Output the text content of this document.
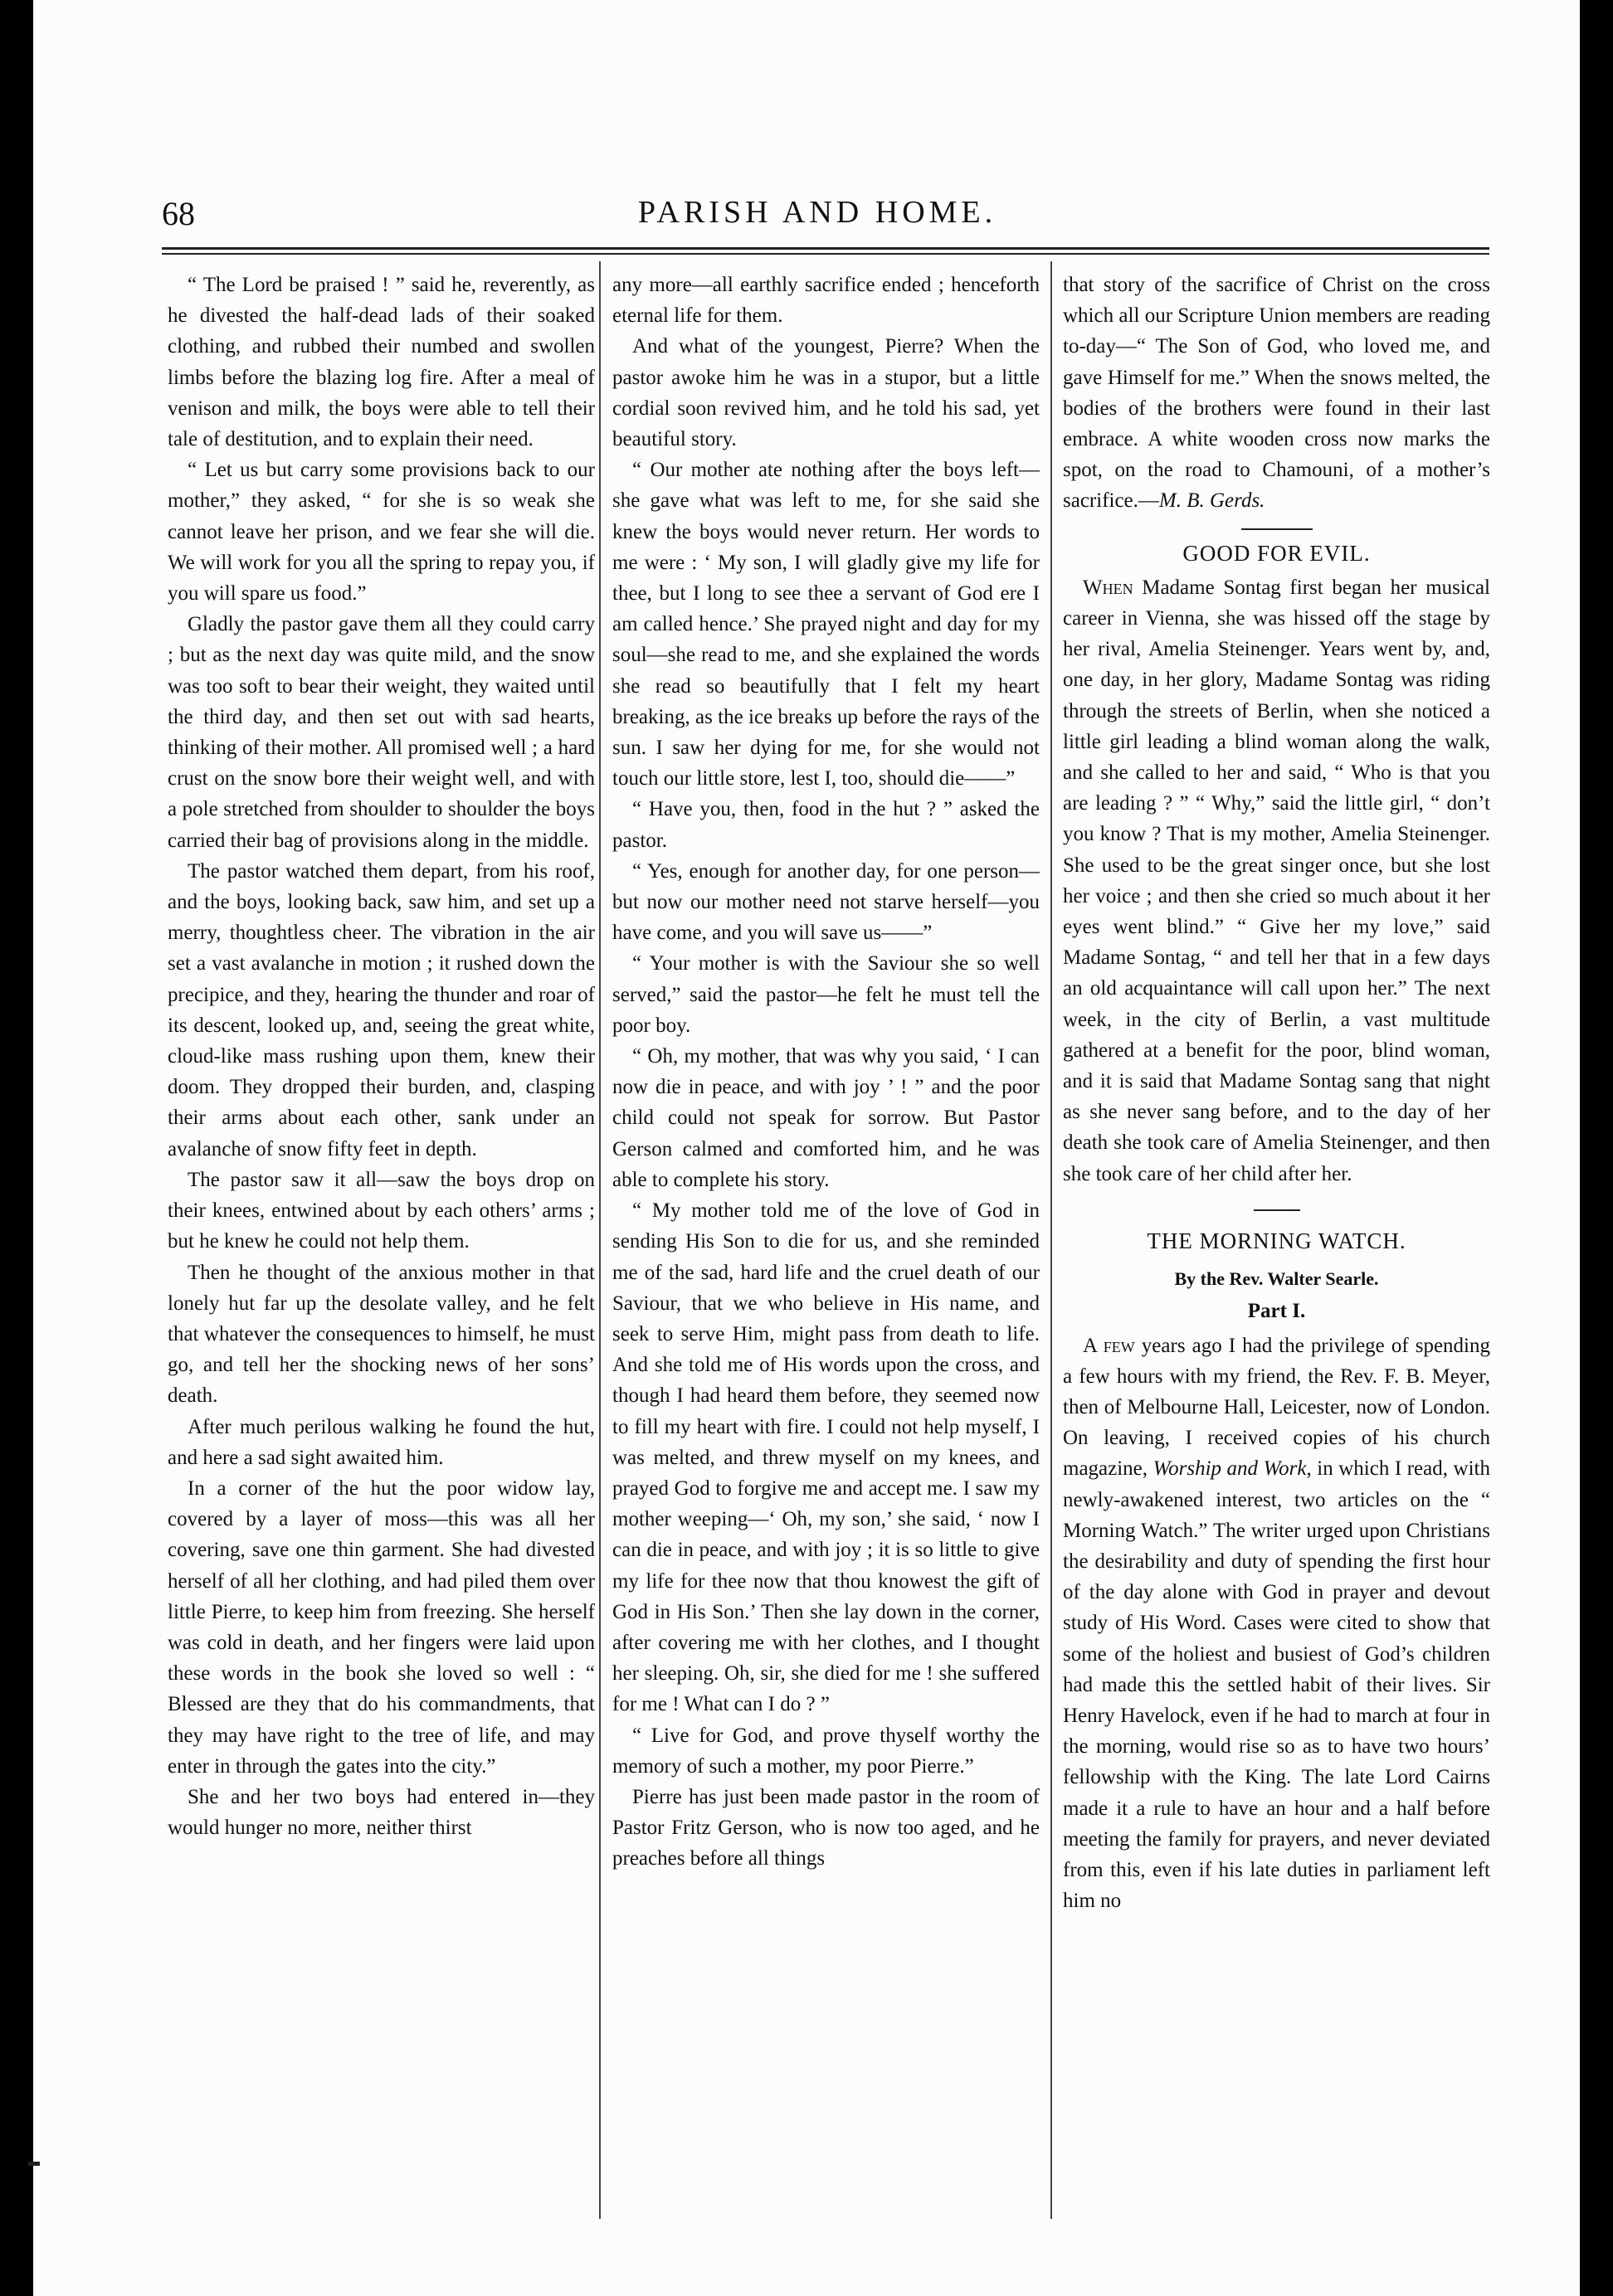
68	PARISH AND HOME.

“ The Lord be praised ! ” said he, reverently, as he divested the half-dead lads of their soaked clothing, and rubbed their numbed and swollen limbs before the blazing log fire. After a meal of venison and milk, the boys were able to tell their tale of destitution, and to explain their need.

“ Let us but carry some provisions back to our mother,” they asked, “ for she is so weak she cannot leave her prison, and we fear she will die. We will work for you all the spring to repay you, if you will spare us food.”

Gladly the pastor gave them all they could carry ; but as the next day was quite mild, and the snow was too soft to bear their weight, they waited until the third day, and then set out with sad hearts, thinking of their mother. All promised well ; a hard crust on the snow bore their weight well, and with a pole stretched from shoulder to shoulder the boys carried their bag of provisions along in the middle.

The pastor watched them depart, from his roof, and the boys, looking back, saw him, and set up a merry, thoughtless cheer. The vibration in the air set a vast avalanche in motion ; it rushed down the precipice, and they, hearing the thunder and roar of its descent, looked up, and, seeing the great white, cloud-like mass rushing upon them, knew their doom. They dropped their burden, and, clasping their arms about each other, sank under an avalanche of snow fifty feet in depth.

The pastor saw it all—saw the boys drop on their knees, entwined about by each others’ arms ; but he knew he could not help them.

Then he thought of the anxious mother in that lonely hut far up the desolate valley, and he felt that whatever the consequences to himself, he must go, and tell her the shocking news of her sons’ death.

After much perilous walking he found the hut, and here a sad sight awaited him.

In a corner of the hut the poor widow lay, covered by a layer of moss—this was all her covering, save one thin garment. She had divested herself of all her clothing, and had piled them over little Pierre, to keep him from freezing. She herself was cold in death, and her fingers were laid upon these words in the book she loved so well : “ Blessed are they that do his commandments, that they may have right to the tree of life, and may enter in through the gates into the city.”

She and her two boys had entered in—they would hunger no more, neither thirst

any more—all earthly sacrifice ended ; henceforth eternal life for them.

And what of the youngest, Pierre? When the pastor awoke him he was in a stupor, but a little cordial soon revived him, and he told his sad, yet beautiful story.

“ Our mother ate nothing after the boys left—she gave what was left to me, for she said she knew the boys would never return. Her words to me were : ‘ My son, I will gladly give my life for thee, but I long to see thee a servant of God ere I am called hence.’ She prayed night and day for my soul—she read to me, and she explained the words she read so beautifully that I felt my heart breaking, as the ice breaks up before the rays of the sun. I saw her dying for me, for she would not touch our little store, lest I, too, should die——”

“ Have you, then, food in the hut ? ” asked the pastor.

“ Yes, enough for another day, for one person—but now our mother need not starve herself—you have come, and you will save us——”

“ Your mother is with the Saviour she so well served,” said the pastor—he felt he must tell the poor boy.

“ Oh, my mother, that was why you said, ‘ I can now die in peace, and with joy ’ ! ” and the poor child could not speak for sorrow. But Pastor Gerson calmed and comforted him, and he was able to complete his story.

“ My mother told me of the love of God in sending His Son to die for us, and she reminded me of the sad, hard life and the cruel death of our Saviour, that we who believe in His name, and seek to serve Him, might pass from death to life. And she told me of His words upon the cross, and though I had heard them before, they seemed now to fill my heart with fire. I could not help myself, I was melted, and threw myself on my knees, and prayed God to forgive me and accept me. I saw my mother weeping—‘ Oh, my son,’ she said, ‘ now I can die in peace, and with joy ; it is so little to give my life for thee now that thou knowest the gift of God in His Son.’ Then she lay down in the corner, after covering me with her clothes, and I thought her sleeping. Oh, sir, she died for me ! she suffered for me ! What can I do ? ”

“ Live for God, and prove thyself worthy the memory of such a mother, my poor Pierre.”

Pierre has just been made pastor in the room of Pastor Fritz Gerson, who is now too aged, and he preaches before all things

that story of the sacrifice of Christ on the cross which all our Scripture Union members are reading to-day—“ The Son of God, who loved me, and gave Himself for me.” When the snows melted, the bodies of the brothers were found in their last embrace. A white wooden cross now marks the spot, on the road to Chamouni, of a mother’s sacrifice.—M. B. Gerds.

GOOD FOR EVIL.

When Madame Sontag first began her musical career in Vienna, she was hissed off the stage by her rival, Amelia Steinenger. Years went by, and, one day, in her glory, Madame Sontag was riding through the streets of Berlin, when she noticed a little girl leading a blind woman along the walk, and she called to her and said, “ Who is that you are leading ? ” “ Why,” said the little girl, “ don’t you know ? That is my mother, Amelia Steinenger. She used to be the great singer once, but she lost her voice ; and then she cried so much about it her eyes went blind.” “ Give her my love,” said Madame Sontag, “ and tell her that in a few days an old acquaintance will call upon her.” The next week, in the city of Berlin, a vast multitude gathered at a benefit for the poor, blind woman, and it is said that Madame Sontag sang that night as she never sang before, and to the day of her death she took care of Amelia Steinenger, and then she took care of her child after her.

THE MORNING WATCH.
By the Rev. Walter Searle.
Part I.

A few years ago I had the privilege of spending a few hours with my friend, the Rev. F. B. Meyer, then of Melbourne Hall, Leicester, now of London. On leaving, I received copies of his church magazine, Worship and Work, in which I read, with newly-awakened interest, two articles on the “ Morning Watch.” The writer urged upon Christians the desirability and duty of spending the first hour of the day alone with God in prayer and devout study of His Word. Cases were cited to show that some of the holiest and busiest of God’s children had made this the settled habit of their lives. Sir Henry Havelock, even if he had to march at four in the morning, would rise so as to have two hours’ fellowship with the King. The late Lord Cairns made it a rule to have an hour and a half before meeting the family for prayers, and never deviated from this, even if his late duties in parliament left him no
